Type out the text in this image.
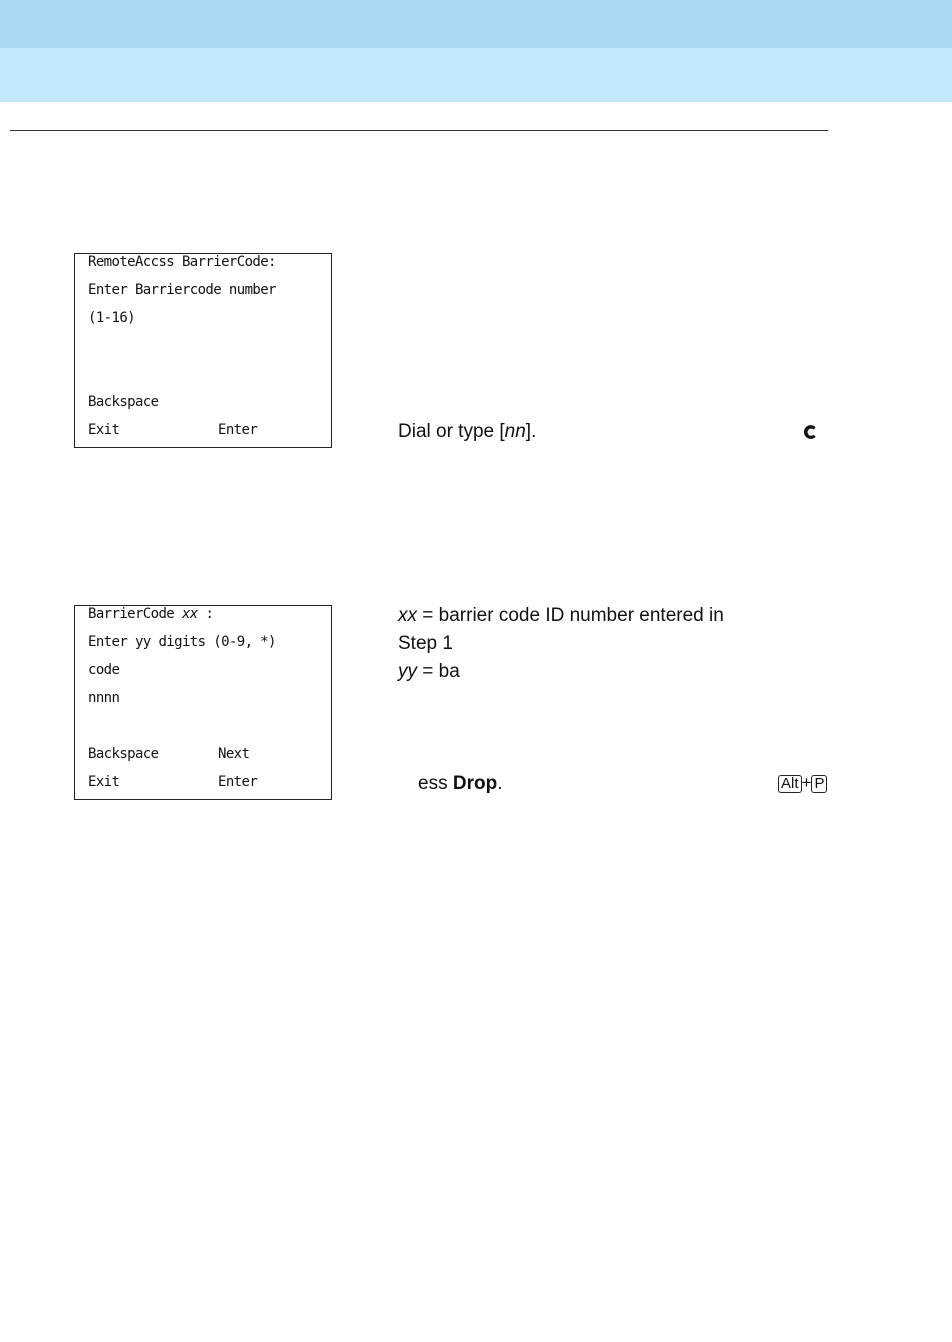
RemoteAccss BarrierCode:
Enter Barriercode number
(1-16)
Backspace
Exit	Enter
BarrierCode xx :
Enter yy digits (0-9, *)
code
nnnn
Backspace	Next
Exit	Enter
Dial or type [nn].
xx = barrier code ID number entered in
Step 1
yy = ba
ess Drop.	Alt + P
